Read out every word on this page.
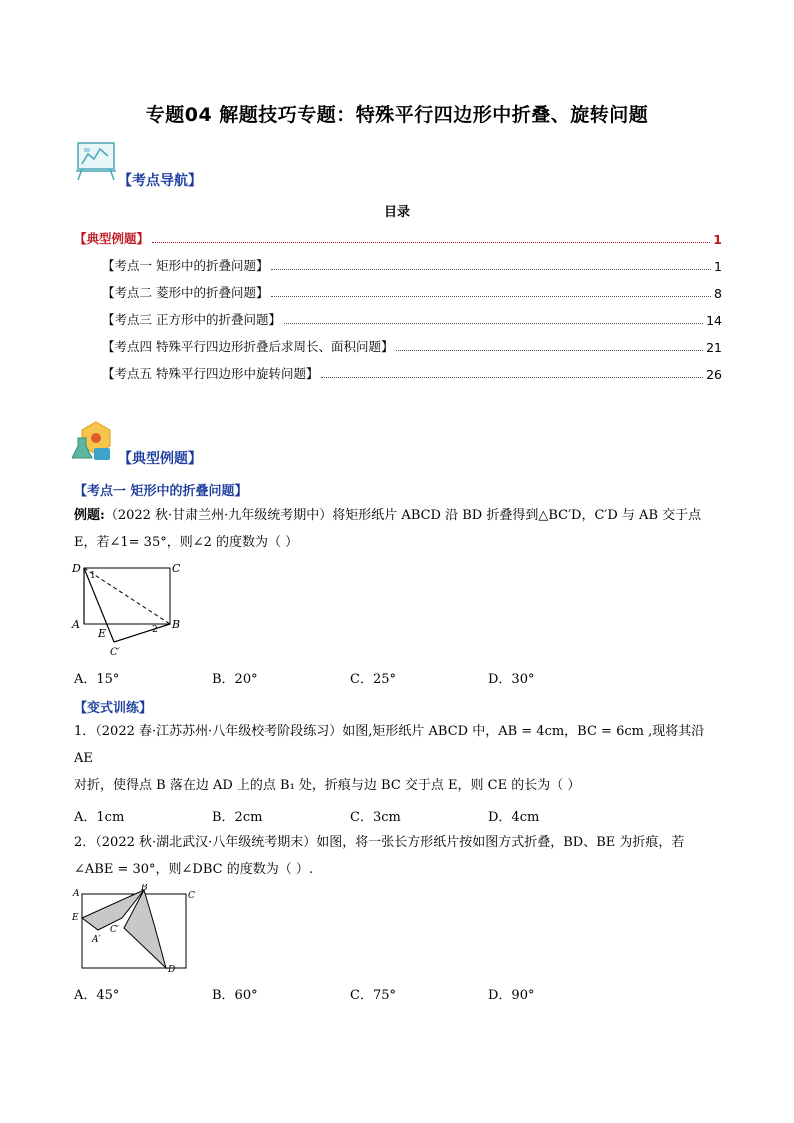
专题04 解题技巧专题：特殊平行四边形中折叠、旋转问题
【考点导航】
目录
【典型例题】	1
【考点一 矩形中的折叠问题】	1
【考点二 菱形中的折叠问题】	8
【考点三 正方形中的折叠问题】	14
【考点四 特殊平行四边形折叠后求周长、面积问题】	21
【考点五 特殊平行四边形中旋转问题】	26
【典型例题】
【考点一 矩形中的折叠问题】
例题:（2022 秋·甘肃兰州·九年级统考期中）将矩形纸片 ABCD 沿 BD 折叠得到△BC′D，C′D 与 AB 交于点
E，若∠1= 35°，则∠2 的度数为（ ）
D	C
A	B
E
C′
1
2
A．15°	B．20°	C．25°	D．30°
【变式训练】
1．（2022 春·江苏苏州·八年级校考阶段练习）如图,矩形纸片 ABCD 中，AB = 4cm，BC = 6cm ,现将其沿 AE
对折，使得点 B 落在边 AD 上的点 B₁ 处，折痕与边 BC 交于点 E，则 CE 的长为（ ）
A．1cm	B．2cm	C．3cm	D．4cm
2．（2022 秋·湖北武汉·八年级统考期末）如图，将一张长方形纸片按如图方式折叠，BD、BE 为折痕，若
∠ABE = 30°，则∠DBC 的度数为（ ）.
A
B
C
D
E
A′
C′
A．45°	B．60°	C．75°	D．90°
